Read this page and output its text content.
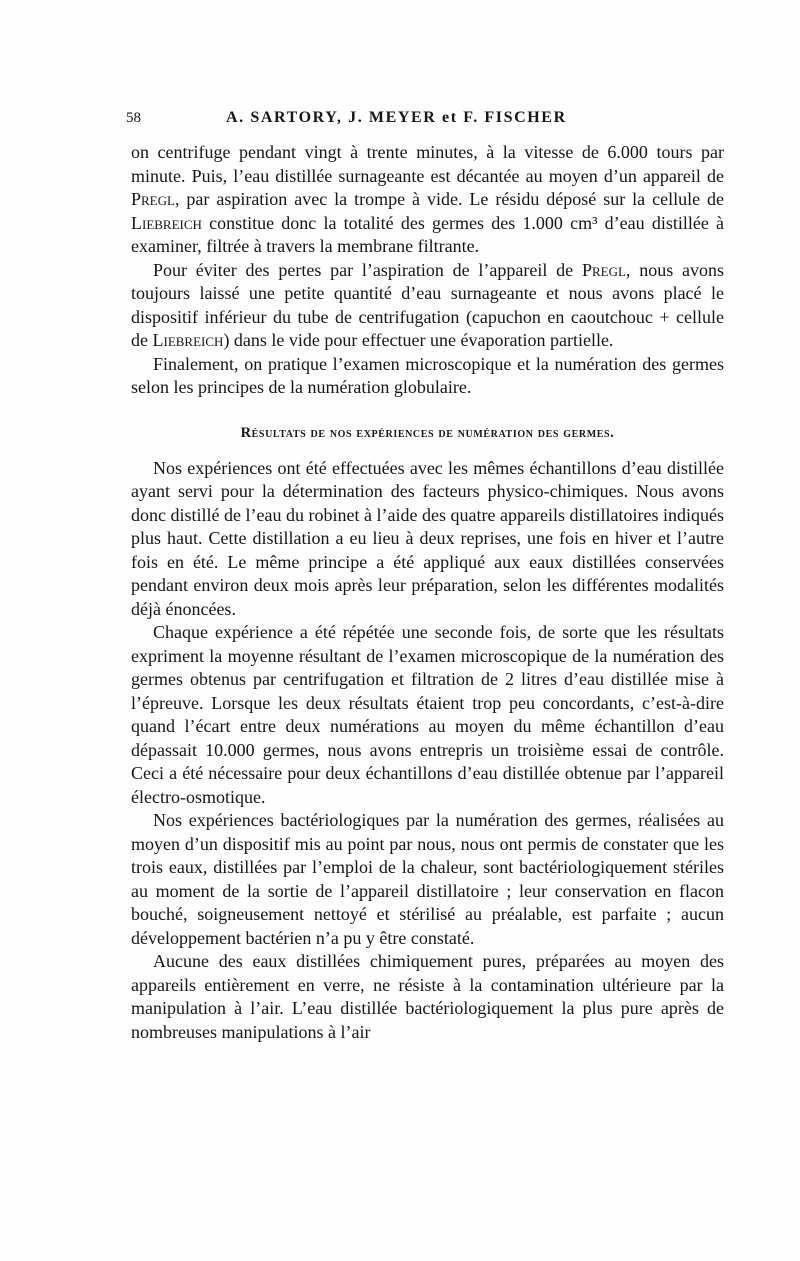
58	A. SARTORY, J. MEYER et F. FISCHER

on centrifuge pendant vingt à trente minutes, à la vitesse de 6.000 tours par minute. Puis, l’eau distillée surnageante est décantée au moyen d’un appareil de Pregl, par aspiration avec la trompe à vide. Le résidu déposé sur la cellule de Liebreich constitue donc la totalité des germes des 1.000 cm³ d’eau distillée à examiner, filtrée à travers la membrane filtrante.

Pour éviter des pertes par l’aspiration de l’appareil de Pregl, nous avons toujours laissé une petite quantité d’eau surnageante et nous avons placé le dispositif inférieur du tube de centrifugation (capuchon en caoutchouc + cellule de Liebreich) dans le vide pour effectuer une évaporation partielle.

Finalement, on pratique l’examen microscopique et la numération des germes selon les principes de la numération globulaire.

Résultats de nos expériences de numération des germes.

Nos expériences ont été effectuées avec les mêmes échantillons d’eau distillée ayant servi pour la détermination des facteurs physico-chimiques. Nous avons donc distillé de l’eau du robinet à l’aide des quatre appareils distillatoires indiqués plus haut. Cette distillation a eu lieu à deux reprises, une fois en hiver et l’autre fois en été. Le même principe a été appliqué aux eaux distillées conservées pendant environ deux mois après leur préparation, selon les différentes modalités déjà énoncées.

Chaque expérience a été répétée une seconde fois, de sorte que les résultats expriment la moyenne résultant de l’examen microscopique de la numération des germes obtenus par centrifugation et filtration de 2 litres d’eau distillée mise à l’épreuve. Lorsque les deux résultats étaient trop peu concordants, c’est-à-dire quand l’écart entre deux numérations au moyen du même échantillon d’eau dépassait 10.000 germes, nous avons entrepris un troisième essai de contrôle. Ceci a été nécessaire pour deux échantillons d’eau distillée obtenue par l’appareil électro-osmotique.

Nos expériences bactériologiques par la numération des germes, réalisées au moyen d’un dispositif mis au point par nous, nous ont permis de constater que les trois eaux, distillées par l’emploi de la chaleur, sont bactériologiquement stériles au moment de la sortie de l’appareil distillatoire ; leur conservation en flacon bouché, soigneusement nettoyé et stérilisé au préalable, est parfaite ; aucun développement bactérien n’a pu y être constaté.

Aucune des eaux distillées chimiquement pures, préparées au moyen des appareils entièrement en verre, ne résiste à la contamination ultérieure par la manipulation à l’air. L’eau distillée bactériologiquement la plus pure après de nombreuses manipulations à l’air
